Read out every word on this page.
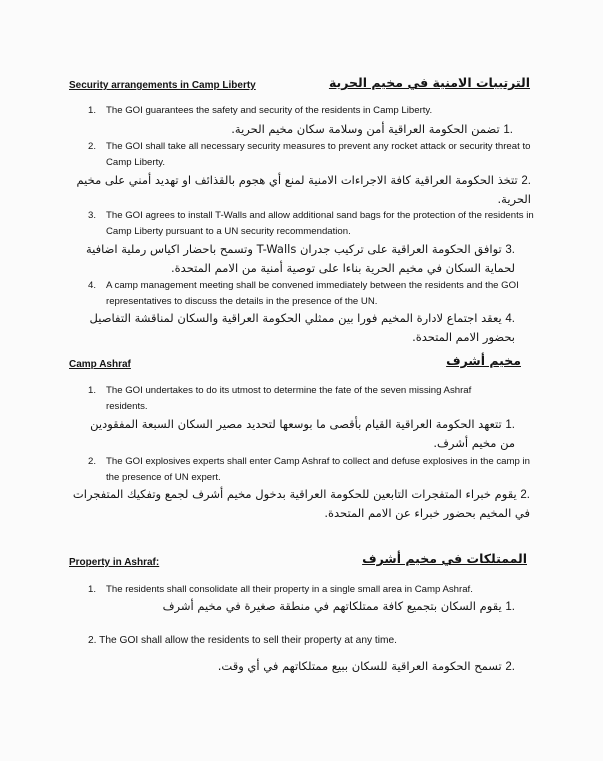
Security arrangements in Camp Liberty	الترتيبات الامنية في مخيم الحرية
1. The GOI guarantees the safety and security of the residents in Camp Liberty.
.1 تضمن الحكومة العراقية أمن وسلامة سكان مخيم الحرية.
2. The GOI shall take all necessary security measures to prevent any rocket attack or security threat to Camp Liberty.
.2 تتخذ الحكومة العراقية كافة الاجراءات الامنية لمنع أي هجوم بالقذائف او تهديد أمني على مخيم الحرية.
3. The GOI agrees to install T-Walls and allow additional sand bags for the protection of the residents in Camp Liberty pursuant to a UN security recommendation.
.3 توافق الحكومة العراقية على تركيب جدران T-Walls وتسمح باحضار اكياس رملية اضافية لحماية السكان في مخيم الحرية بناءا على توصية أمنية من الامم المتحدة.
4. A camp management meeting shall be convened immediately between the residents and the GOI representatives to discuss the details in the presence of the UN.
.4 يعقد اجتماع لادارة المخيم فورا بين ممثلي الحكومة العراقية والسكان لمناقشة التفاصيل بحضور الامم المتحدة.
Camp Ashraf	مخيم أشرف
1. The GOI undertakes to do its utmost to determine the fate of the seven missing Ashraf residents.
.1 تتعهد الحكومة العراقية القيام بأقصى ما بوسعها لتحديد مصير السكان السبعة المفقودين من مخيم أشرف.
2. The GOI explosives experts shall enter Camp Ashraf to collect and defuse explosives in the camp in the presence of UN expert.
.2 يقوم خبراء المتفجرات التابعين للحكومة العراقية بدخول مخيم أشرف لجمع وتفكيك المتفجرات في المخيم بحضور خبراء عن الامم المتحدة.
Property in Ashraf:	الممتلكات في مخيم أشرف
1. The residents shall consolidate all their property in a single small area in Camp Ashraf.
.1 يقوم السكان بتجميع كافة ممتلكاتهم في منطقة صغيرة في مخيم أشرف
2. The GOI shall allow the residents to sell their property at any time.
.2 تسمح الحكومة العراقية للسكان ببيع ممتلكاتهم في أي وقت.
